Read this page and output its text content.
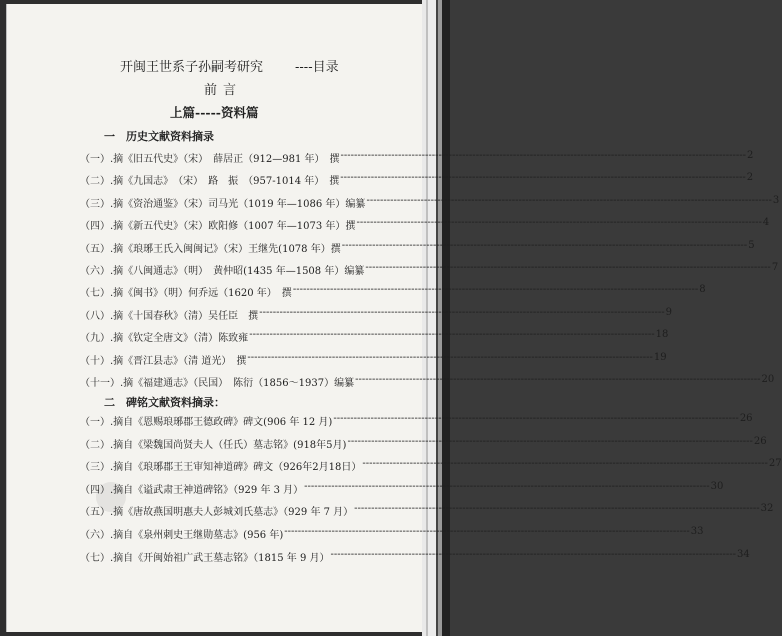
开闽王世系子孙嗣考研究 ----目录
前言
上篇-----资料篇
一　历史文献资料摘录
（一）.摘《旧五代史》（宋）　薛居正（912—981 年）　撰 ------------------------------------------------------------------------------------------------------------------------ 2
（二）.摘《九国志》　（宋）　路　振　（957-1014 年）　撰 ------------------------------------------------------------------------------------------------------------------------ 2
（三）.摘《资治通鉴》（宋）司马光（1019 年—1086 年）编纂 ------------------------------------------------------------------------------------------------------------------------ 3
（四）.摘《新五代史》（宋）欧阳修（1007 年—1073 年）撰 ------------------------------------------------------------------------------------------------------------------------ 4
（五）.摘《琅琊王氏入闽闽记》（宋）王继先(1078 年）撰 ------------------------------------------------------------------------------------------------------------------------ 5
（六）.摘《八闽通志》（明）　黄仲昭(1435 年—1508 年）编纂 ------------------------------------------------------------------------------------------------------------------------ 7
（七）.摘《闽书》（明）何乔远（1620 年）　撰 ------------------------------------------------------------------------------------------------------------------------ 8
（八）.摘《十国春秋》（清）吴任臣　撰 ------------------------------------------------------------------------------------------------------------------------ 9
（九）.摘《钦定全唐文》（清）陈致雍 ------------------------------------------------------------------------------------------------------------------------ 18
（十）.摘《晋江县志》（清 道光）　撰 ------------------------------------------------------------------------------------------------------------------------ 19
（十一）.摘《福建通志》（民国）　陈衍（1856～1937）编纂 ------------------------------------------------------------------------------------------------------------------------ 20
二　碑铭文献资料摘录：
（一）.摘自《恩赐琅琊郡王德政碑》碑文(906 年 12 月) ------------------------------------------------------------------------------------------------------------------------ 26
（二）.摘自《梁魏国尚贤夫人（任氏）墓志铭》(918年5月) ------------------------------------------------------------------------------------------------------------------------ 26
（三）.摘自《琅琊郡王王审知神道碑》碑文（926年2月18日） ------------------------------------------------------------------------------------------------------------------------ 27
（四）.摘自《谥武肃王神道碑铭》（929 年 3 月） ------------------------------------------------------------------------------------------------------------------------ 30
（五）.摘《唐故燕国明惠夫人彭城刘氏墓志》（929 年 7 月） ------------------------------------------------------------------------------------------------------------------------ 32
（六）.摘自《泉州刺史王继勋墓志》(956 年) ------------------------------------------------------------------------------------------------------------------------ 33
（七）.摘自《开闽始祖广武王墓志铭》（1815 年 9 月） ------------------------------------------------------------------------------------------------------------------------ 34
